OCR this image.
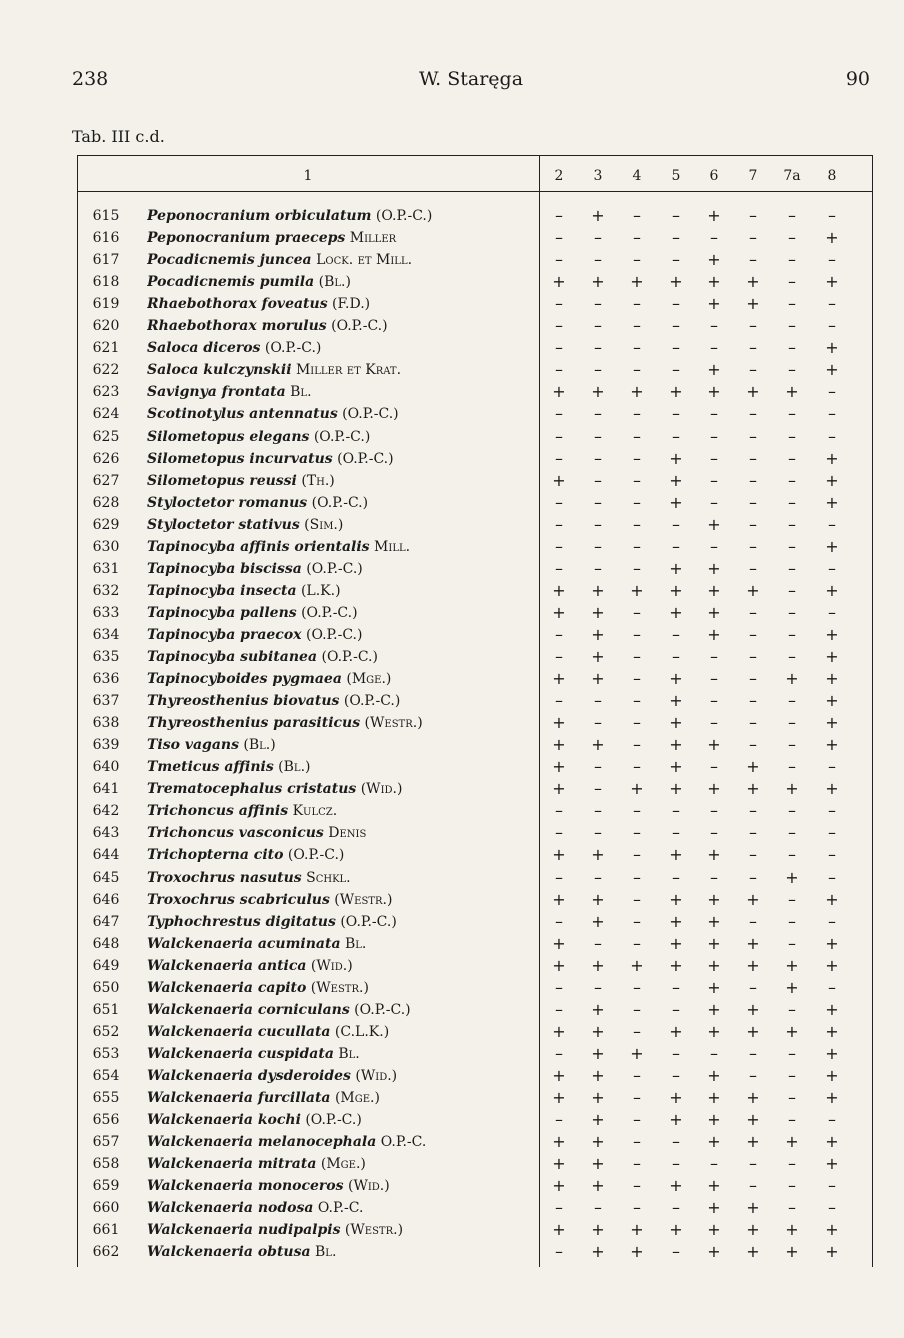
238	W. Staręga	90
Tab. III c.d.
1	2	3	4	5	6	7	7a	8
615	Peponocranium orbiculatum (O.P.-C.)	–	+	–	–	+	–	–	–
616	Peponocranium praeceps Miller	–	–	–	–	–	–	–	+
617	Pocadicnemis juncea Lock. et Mill.	–	–	–	–	+	–	–	–
618	Pocadicnemis pumila (Bl.)	+	+	+	+	+	+	–	+
619	Rhaebothorax foveatus (F.D.)	–	–	–	–	+	+	–	–
620	Rhaebothorax morulus (O.P.-C.)	–	–	–	–	–	–	–	–
621	Saloca diceros (O.P.-C.)	–	–	–	–	–	–	–	+
622	Saloca kulczynskii Miller et Krat.	–	–	–	–	+	–	–	+
623	Savignya frontata Bl.	+	+	+	+	+	+	+	–
624	Scotinotylus antennatus (O.P.-C.)	–	–	–	–	–	–	–	–
625	Silometopus elegans (O.P.-C.)	–	–	–	–	–	–	–	–
626	Silometopus incurvatus (O.P.-C.)	–	–	–	+	–	–	–	+
627	Silometopus reussi (Th.)	+	–	–	+	–	–	–	+
628	Styloctetor romanus (O.P.-C.)	–	–	–	+	–	–	–	+
629	Styloctetor stativus (Sim.)	–	–	–	–	+	–	–	–
630	Tapinocyba affinis orientalis Mill.	–	–	–	–	–	–	–	+
631	Tapinocyba biscissa (O.P.-C.)	–	–	–	+	+	–	–	–
632	Tapinocyba insecta (L.K.)	+	+	+	+	+	+	–	+
633	Tapinocyba pallens (O.P.-C.)	+	+	–	+	+	–	–	–
634	Tapinocyba praecox (O.P.-C.)	–	+	–	–	+	–	–	+
635	Tapinocyba subitanea (O.P.-C.)	–	+	–	–	–	–	–	+
636	Tapinocyboides pygmaea (Mge.)	+	+	–	+	–	–	+	+
637	Thyreosthenius biovatus (O.P.-C.)	–	–	–	+	–	–	–	+
638	Thyreosthenius parasiticus (Westr.)	+	–	–	+	–	–	–	+
639	Tiso vagans (Bl.)	+	+	–	+	+	–	–	+
640	Tmeticus affinis (Bl.)	+	–	–	+	–	+	–	–
641	Trematocephalus cristatus (Wid.)	+	–	+	+	+	+	+	+
642	Trichoncus affinis Kulcz.	–	–	–	–	–	–	–	–
643	Trichoncus vasconicus Denis	–	–	–	–	–	–	–	–
644	Trichopterna cito (O.P.-C.)	+	+	–	+	+	–	–	–
645	Troxochrus nasutus Schkl.	–	–	–	–	–	–	+	–
646	Troxochrus scabriculus (Westr.)	+	+	–	+	+	+	–	+
647	Typhochrestus digitatus (O.P.-C.)	–	+	–	+	+	–	–	–
648	Walckenaeria acuminata Bl.	+	–	–	+	+	+	–	+
649	Walckenaeria antica (Wid.)	+	+	+	+	+	+	+	+
650	Walckenaeria capito (Westr.)	–	–	–	–	+	–	+	–
651	Walckenaeria corniculans (O.P.-C.)	–	+	–	–	+	+	–	+
652	Walckenaeria cucullata (C.L.K.)	+	+	–	+	+	+	+	+
653	Walckenaeria cuspidata Bl.	–	+	+	–	–	–	–	+
654	Walckenaeria dysderoides (Wid.)	+	+	–	–	+	–	–	+
655	Walckenaeria furcillata (Mge.)	+	+	–	+	+	+	–	+
656	Walckenaeria kochi (O.P.-C.)	–	+	–	+	+	+	–	–
657	Walckenaeria melanocephala O.P.-C.	+	+	–	–	+	+	+	+
658	Walckenaeria mitrata (Mge.)	+	+	–	–	–	–	–	+
659	Walckenaeria monoceros (Wid.)	+	+	–	+	+	–	–	–
660	Walckenaeria nodosa O.P.-C.	–	–	–	–	+	+	–	–
661	Walckenaeria nudipalpis (Westr.)	+	+	+	+	+	+	+	+
662	Walckenaeria obtusa Bl.	–	+	+	–	+	+	+	+
